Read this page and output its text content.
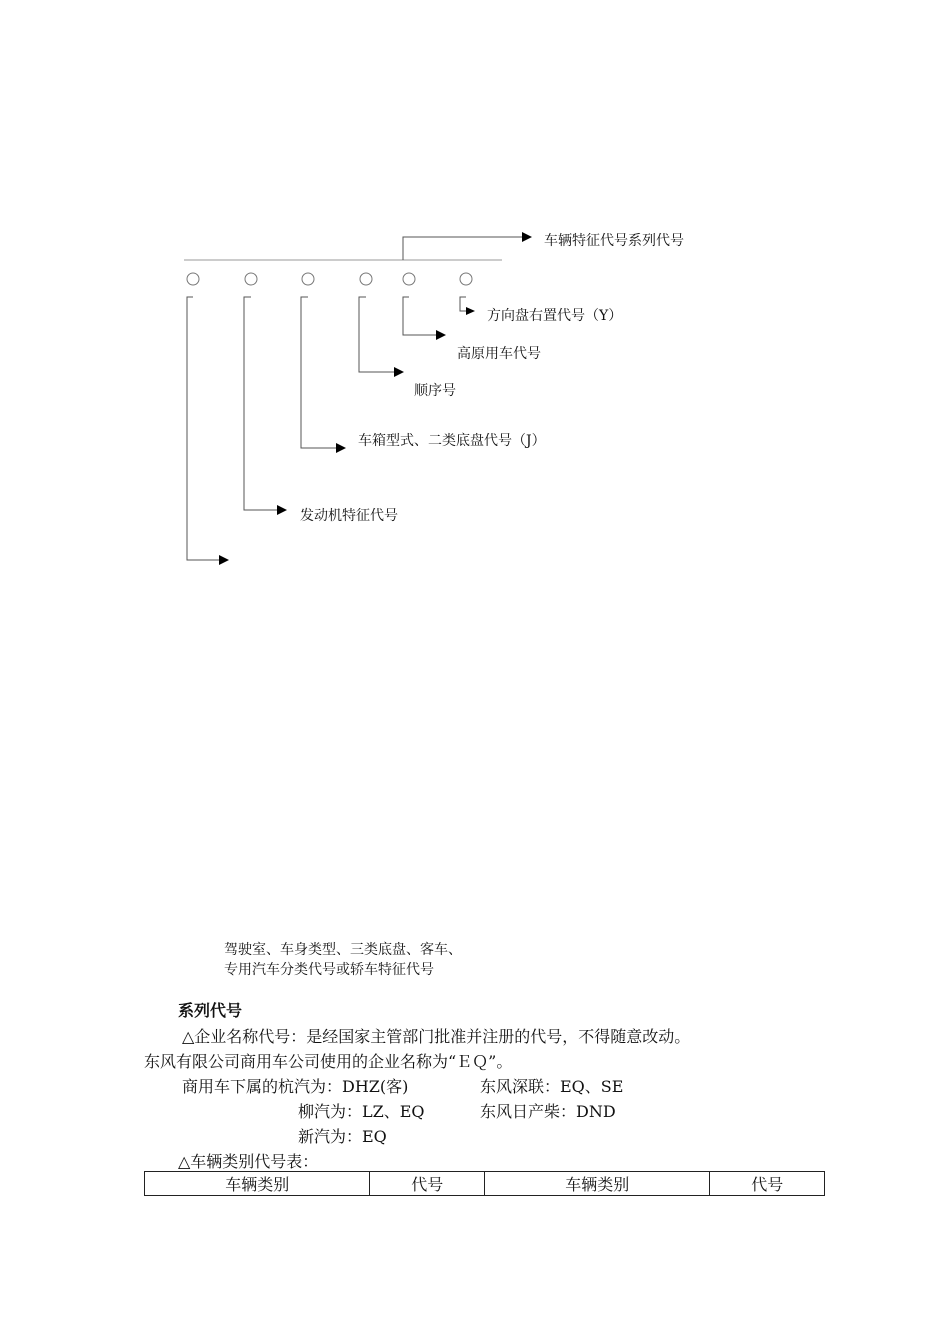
车辆特征代号系列代号
方向盘右置代号（Y）
高原用车代号
顺序号
车箱型式、二类底盘代号（J）
发动机特征代号
驾驶室、车身类型、三类底盘、客车、
专用汽车分类代号或轿车特征代号
系列代号
△企业名称代号：是经国家主管部门批准并注册的代号，不得随意改动。
东风有限公司商用车公司使用的企业名称为“ＥＱ”。
商用车下属的杭汽为：DHZ(客)	东风深联：EQ、SE
柳汽为：LZ、EQ	东风日产柴：DND
新汽为：EQ
△车辆类别代号表：
车辆类别	代号	车辆类别	代号
